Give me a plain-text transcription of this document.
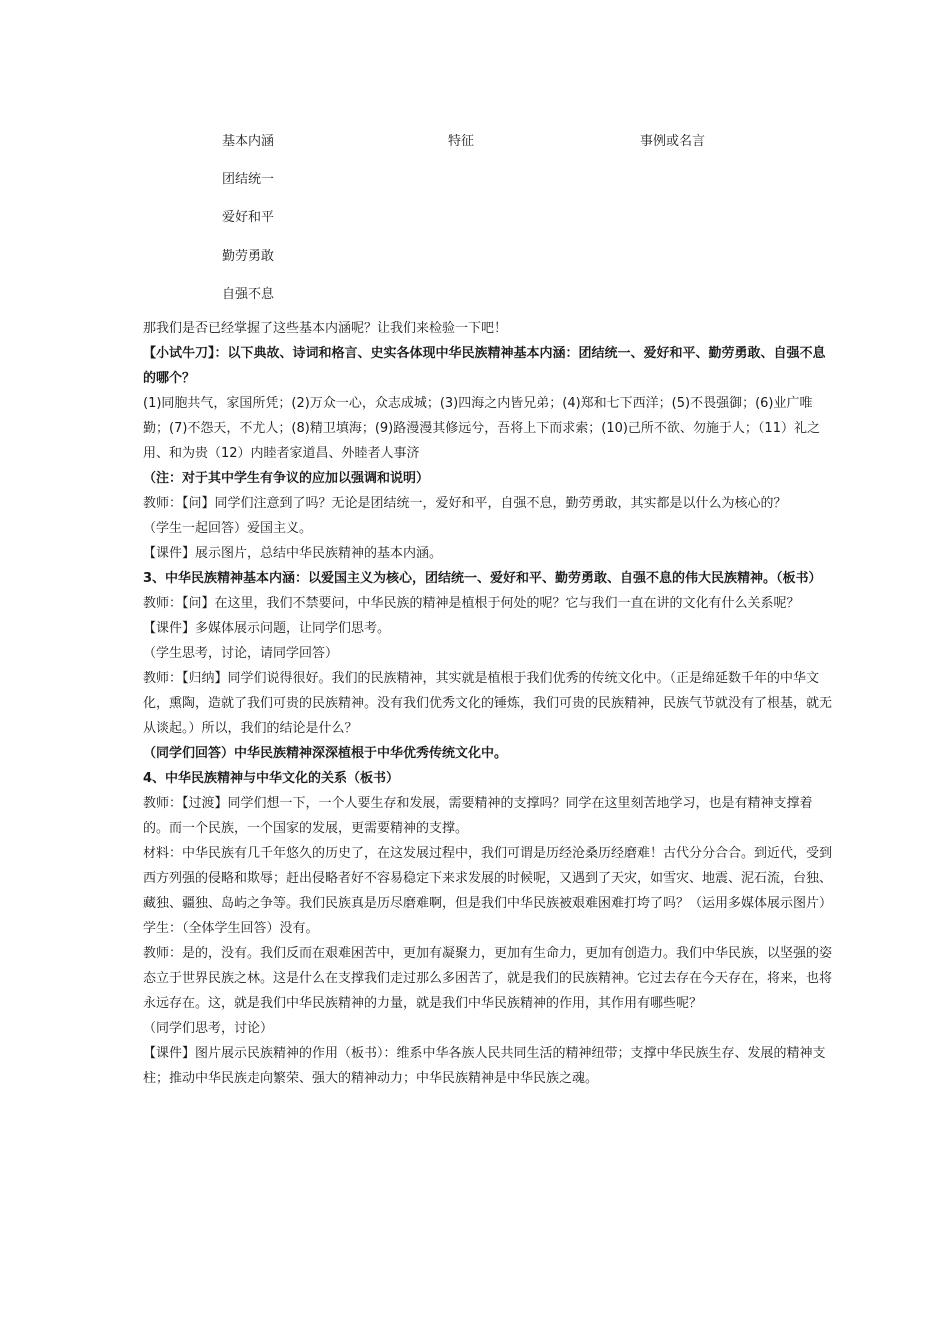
基本内涵	特征	事例或名言
团结统一
爱好和平
勤劳勇敢
自强不息

那我们是否已经掌握了这些基本内涵呢？让我们来检验一下吧！

【小试牛刀】：以下典故、诗词和格言、史实各体现中华民族精神基本内涵：团结统一、爱好和平、勤劳勇敢、自强不息的哪个？

(1)同胞共气，家国所凭；(2)万众一心，众志成城；(3)四海之内皆兄弟；(4)郑和七下西洋；(5)不畏强御；(6)业广唯勤；(7)不怨天，不尤人；(8)精卫填海；(9)路漫漫其修远兮，吾将上下而求索；(10)己所不欲、勿施于人；（11）礼之用、和为贵（12）内睦者家道昌、外睦者人事济

（注：对于其中学生有争议的应加以强调和说明）

教师：【问】同学们注意到了吗？无论是团结统一，爱好和平，自强不息，勤劳勇敢，其实都是以什么为核心的？

（学生一起回答）爱国主义。

【课件】展示图片，总结中华民族精神的基本内涵。

3、中华民族精神基本内涵：以爱国主义为核心，团结统一、爱好和平、勤劳勇敢、自强不息的伟大民族精神。（板书）

教师：【问】在这里，我们不禁要问，中华民族的精神是植根于何处的呢？它与我们一直在讲的文化有什么关系呢？

【课件】多媒体展示问题，让同学们思考。

（学生思考，讨论，请同学回答）

教师：【归纳】同学们说得很好。我们的民族精神，其实就是植根于我们优秀的传统文化中。（正是绵延数千年的中华文化，熏陶，造就了我们可贵的民族精神。没有我们优秀文化的锤炼，我们可贵的民族精神，民族气节就没有了根基，就无从谈起。）所以，我们的结论是什么？

（同学们回答）中华民族精神深深植根于中华优秀传统文化中。

4、中华民族精神与中华文化的关系（板书）

教师：【过渡】同学们想一下，一个人要生存和发展，需要精神的支撑吗？同学在这里刻苦地学习，也是有精神支撑着

的。而一个民族，一个国家的发展，更需要精神的支撑。

材料：中华民族有几千年悠久的历史了，在这发展过程中，我们可谓是历经沧桑历经磨难！古代分分合合。到近代，受到西方列强的侵略和欺辱；赶出侵略者好不容易稳定下来求发展的时候呢，又遇到了天灾，如雪灾、地震、泥石流，台独、藏独、疆独、岛屿之争等。我们民族真是历尽磨难啊，但是我们中华民族被艰难困难打垮了吗？（运用多媒体展示图片）

学生：（全体学生回答）没有。

教师：是的，没有。我们反而在艰难困苦中，更加有凝聚力，更加有生命力，更加有创造力。我们中华民族，以坚强的姿态立于世界民族之林。这是什么在支撑我们走过那么多困苦了，就是我们的民族精神。它过去存在今天存在，将来，也将永远存在。这，就是我们中华民族精神的力量，就是我们中华民族精神的作用，其作用有哪些呢？

（同学们思考，讨论）

【课件】图片展示民族精神的作用（板书）：维系中华各族人民共同生活的精神纽带；支撑中华民族生存、发展的精神支柱；推动中华民族走向繁荣、强大的精神动力；中华民族精神是中华民族之魂。
